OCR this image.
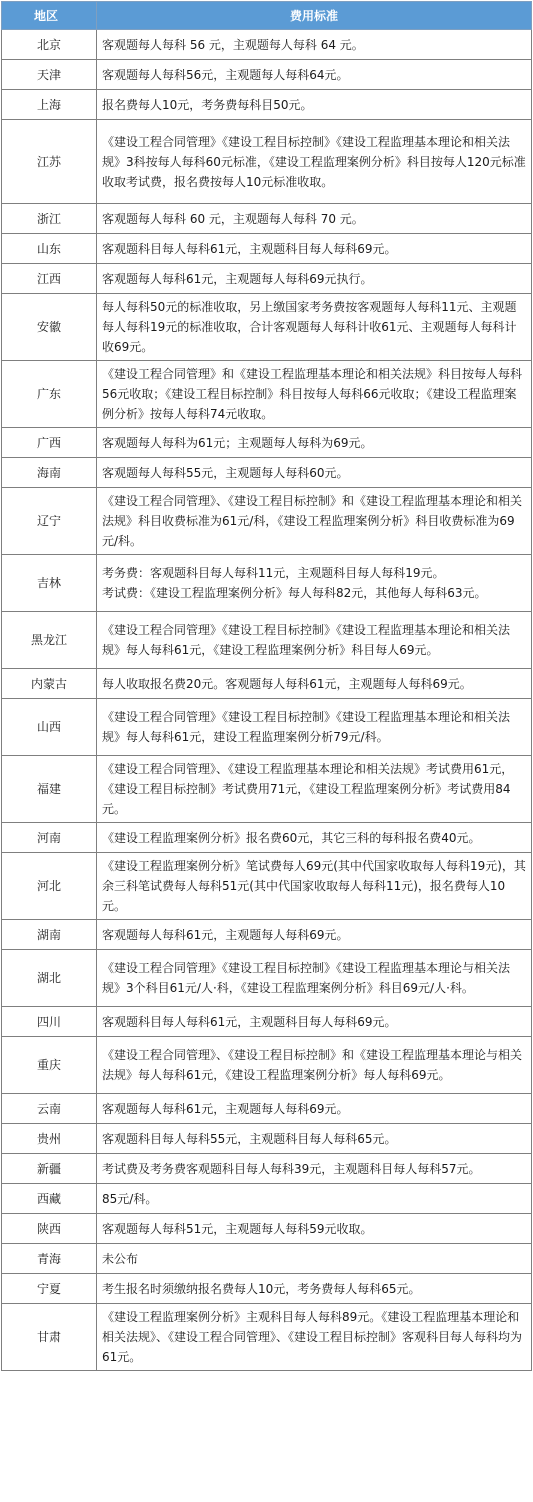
地区	费用标准
北京	客观题每人每科 56 元，主观题每人每科 64 元。
天津	客观题每人每科56元，主观题每人每科64元。
上海	报名费每人10元，考务费每科目50元。
江苏	《建设工程合同管理》《建设工程目标控制》《建设工程监理基本理论和相关法规》3科按每人每科60元标准，《建设工程监理案例分析》科目按每人120元标准收取考试费，报名费按每人10元标准收取。
浙江	客观题每人每科 60 元，主观题每人每科 70 元。
山东	客观题科目每人每科61元，主观题科目每人每科69元。
江西	客观题每人每科61元，主观题每人每科69元执行。
安徽	每人每科50元的标准收取，另上缴国家考务费按客观题每人每科11元、主观题每人每科19元的标准收取，合计客观题每人每科计收61元、主观题每人每科计收69元。
广东	《建设工程合同管理》和《建设工程监理基本理论和相关法规》科目按每人每科56元收取；《建设工程目标控制》科目按每人每科66元收取；《建设工程监理案例分析》按每人每科74元收取。
广西	客观题每人每科为61元；主观题每人每科为69元。
海南	客观题每人每科55元，主观题每人每科60元。
辽宁	《建设工程合同管理》、《建设工程目标控制》和《建设工程监理基本理论和相关法规》科目收费标准为61元/科，《建设工程监理案例分析》科目收费标准为69元/科。
吉林	考务费：客观题科目每人每科11元，主观题科目每人每科19元。
考试费：《建设工程监理案例分析》每人每科82元，其他每人每科63元。

黑龙江	《建设工程合同管理》《建设工程目标控制》《建设工程监理基本理论和相关法规》每人每科61元，《建设工程监理案例分析》科目每人69元。
内蒙古	每人收取报名费20元。客观题每人每科61元，主观题每人每科69元。
山西	《建设工程合同管理》《建设工程目标控制》《建设工程监理基本理论和相关法规》每人每科61元，建设工程监理案例分析79元/科。
福建	《建设工程合同管理》、《建设工程监理基本理论和相关法规》考试费用61元，《建设工程目标控制》考试费用71元，《建设工程监理案例分析》考试费用84元。
河南	《建设工程监理案例分析》报名费60元，其它三科的每科报名费40元。
河北	《建设工程监理案例分析》笔试费每人69元(其中代国家收取每人每科19元)，其余三科笔试费每人每科51元(其中代国家收取每人每科11元)，报名费每人10元。
湖南	客观题每人每科61元，主观题每人每科69元。
湖北	《建设工程合同管理》《建设工程目标控制》《建设工程监理基本理论与相关法规》3个科目61元/人·科，《建设工程监理案例分析》科目69元/人·科。
四川	客观题科目每人每科61元，主观题科目每人每科69元。
重庆	《建设工程合同管理》、《建设工程目标控制》和《建设工程监理基本理论与相关法规》每人每科61元，《建设工程监理案例分析》每人每科69元。
云南	客观题每人每科61元，主观题每人每科69元。
贵州	客观题科目每人每科55元，主观题科目每人每科65元。
新疆	考试费及考务费客观题科目每人每科39元，主观题科目每人每科57元。
西藏	85元/科。
陕西	客观题每人每科51元，主观题每人每科59元收取。
青海	未公布
宁夏	考生报名时须缴纳报名费每人10元，考务费每人每科65元。
甘肃	《建设工程监理案例分析》主观科目每人每科89元。《建设工程监理基本理论和相关法规》、《建设工程合同管理》、《建设工程目标控制》客观科目每人每科均为61元。
